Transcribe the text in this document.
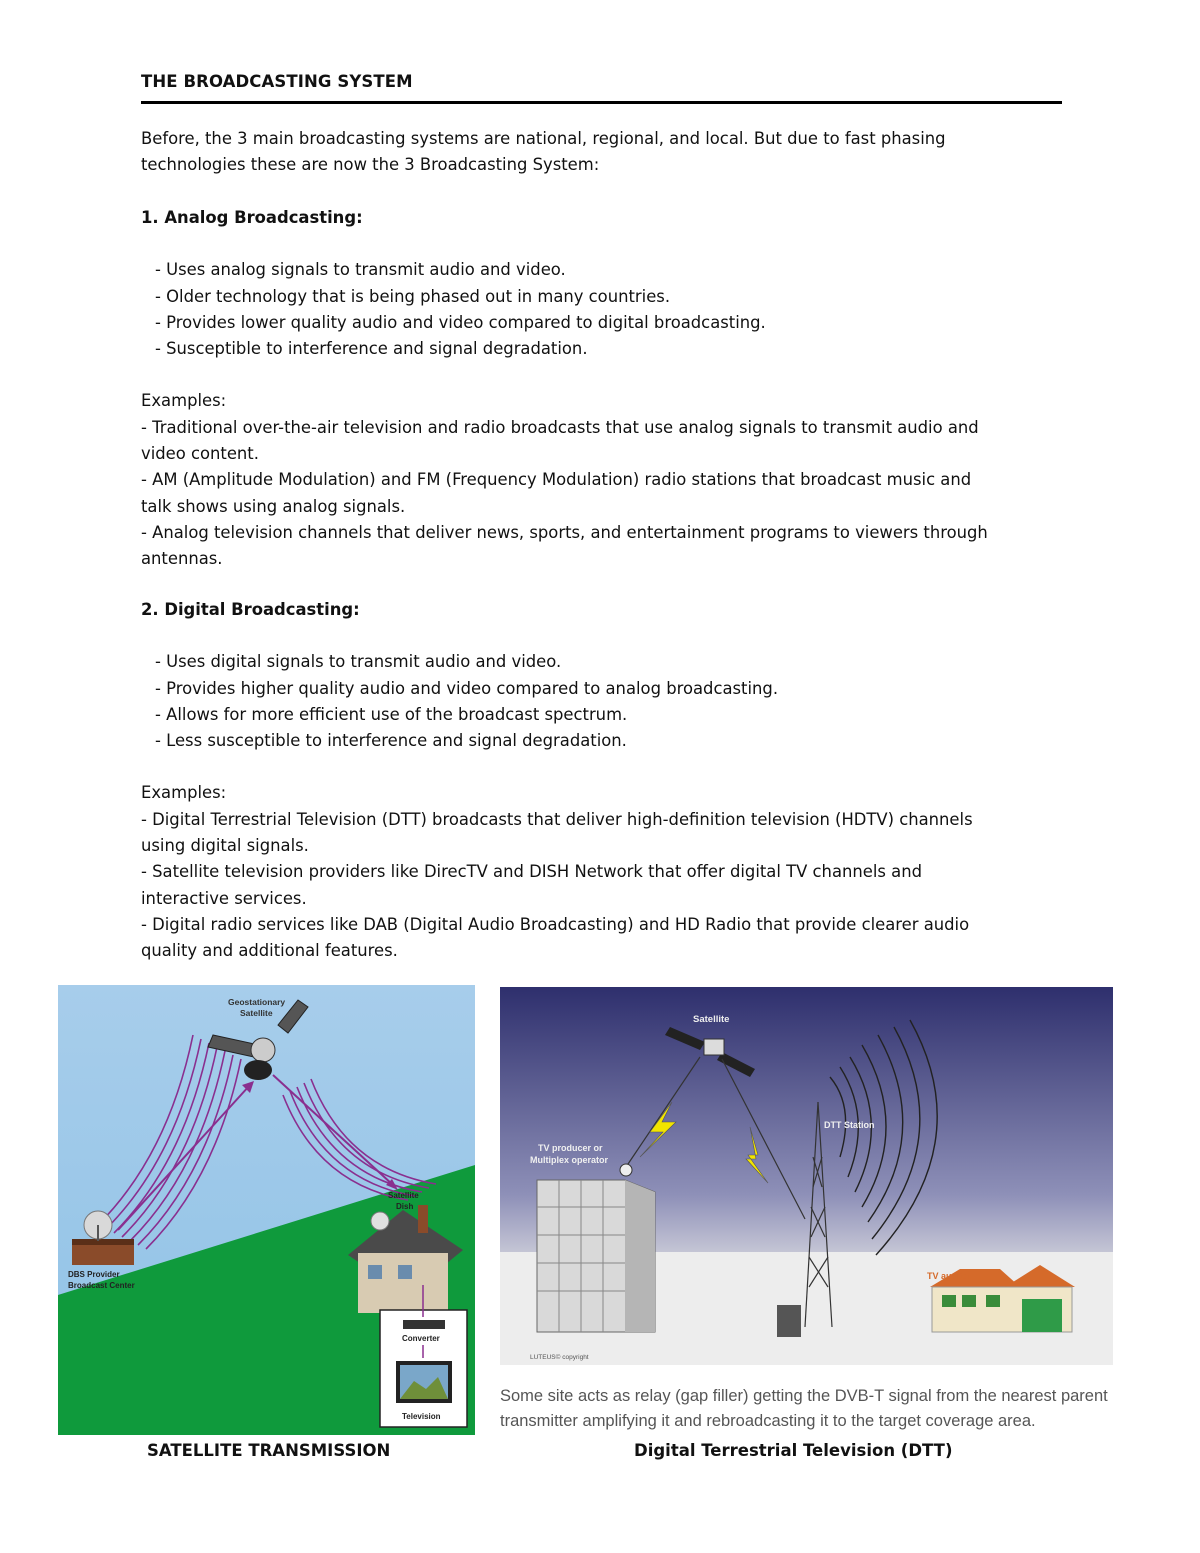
THE BROADCASTING SYSTEM

Before, the 3 main broadcasting systems are national, regional, and local. But due to fast phasing

technologies these are now the 3 Broadcasting System:

1. Analog Broadcasting:

- Uses analog signals to transmit audio and video.

- Older technology that is being phased out in many countries.

- Provides lower quality audio and video compared to digital broadcasting.

- Susceptible to interference and signal degradation.

Examples:

- Traditional over-the-air television and radio broadcasts that use analog signals to transmit audio and

video content.

- AM (Amplitude Modulation) and FM (Frequency Modulation) radio stations that broadcast music and

talk shows using analog signals.

- Analog television channels that deliver news, sports, and entertainment programs to viewers through

antennas.

2. Digital Broadcasting:

- Uses digital signals to transmit audio and video.

- Provides higher quality audio and video compared to analog broadcasting.

- Allows for more efficient use of the broadcast spectrum.

- Less susceptible to interference and signal degradation.

Examples:

- Digital Terrestrial Television (DTT) broadcasts that deliver high-definition television (HDTV) channels

using digital signals.

- Satellite television providers like DirecTV and DISH Network that offer digital TV channels and

interactive services.

- Digital radio services like DAB (Digital Audio Broadcasting) and HD Radio that provide clearer audio

quality and additional features.

Geostationary
Satellite
DBS Provider
Broadcast Center
Satellite
Dish
Converter
Television
Satellite
TV producer or
Multiplex operator
DTT Station
TV auditor
LUTEUS© copyright
Some site acts as relay (gap filler) getting the DVB-T signal from the nearest parent
transmitter amplifying it and rebroadcasting it to the target coverage area.
SATELLITE TRANSMISSION	Digital Terrestrial Television (DTT)
